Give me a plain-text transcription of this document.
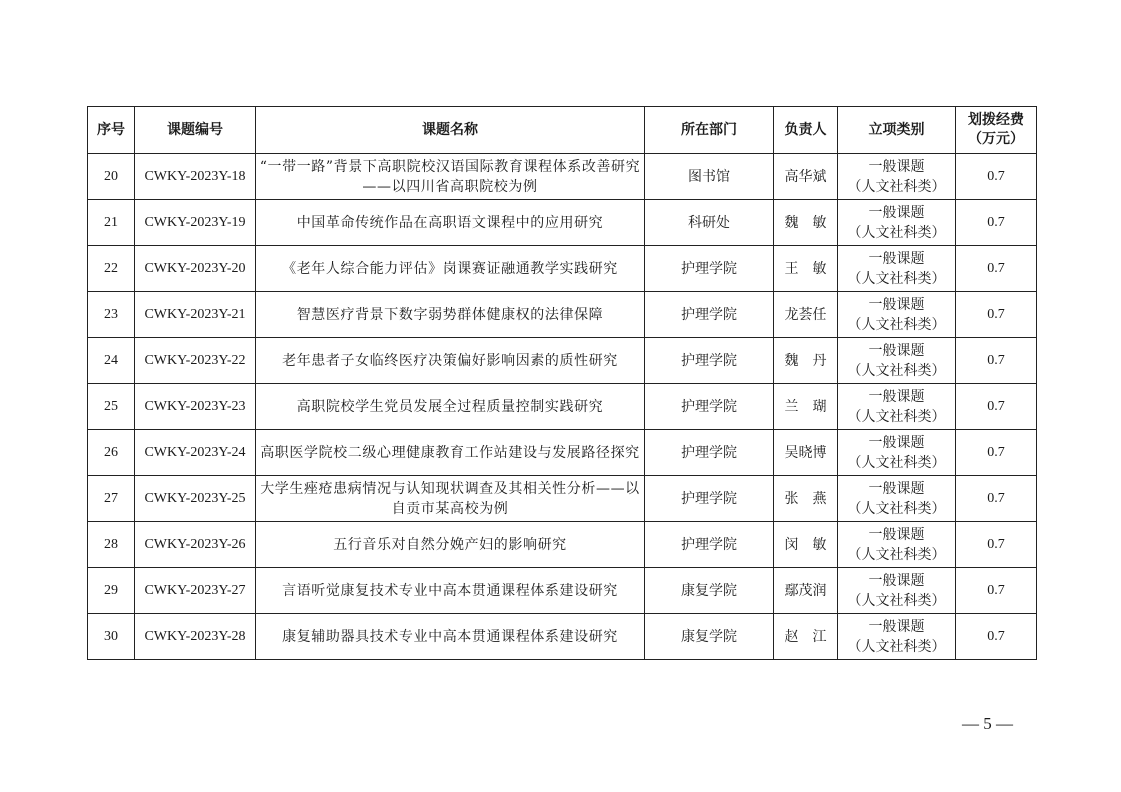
序号	课题编号	课题名称	所在部门	负责人	立项类别	划拨经费
（万元）

20	CWKY-2023Y-18	“一带一路”背景下高职院校汉语国际教育课程体系改善研究——以四川省高职院校为例	图书馆	高华斌	一般课题
（人文社科类）	0.7
21	CWKY-2023Y-19	中国革命传统作品在高职语文课程中的应用研究	科研处	魏　敏	一般课题
（人文社科类）	0.7
22	CWKY-2023Y-20	《老年人综合能力评估》岗课赛证融通教学实践研究	护理学院	王　敏	一般课题
（人文社科类）	0.7
23	CWKY-2023Y-21	智慧医疗背景下数字弱势群体健康权的法律保障	护理学院	龙荟任	一般课题
（人文社科类）	0.7
24	CWKY-2023Y-22	老年患者子女临终医疗决策偏好影响因素的质性研究	护理学院	魏　丹	一般课题
（人文社科类）	0.7
25	CWKY-2023Y-23	高职院校学生党员发展全过程质量控制实践研究	护理学院	兰　瑚	一般课题
（人文社科类）	0.7
26	CWKY-2023Y-24	高职医学院校二级心理健康教育工作站建设与发展路径探究	护理学院	吴晓博	一般课题
（人文社科类）	0.7
27	CWKY-2023Y-25	大学生痤疮患病情况与认知现状调查及其相关性分析——以自贡市某高校为例	护理学院	张　燕	一般课题
（人文社科类）	0.7
28	CWKY-2023Y-26	五行音乐对自然分娩产妇的影响研究	护理学院	闵　敏	一般课题
（人文社科类）	0.7
29	CWKY-2023Y-27	言语听觉康复技术专业中高本贯通课程体系建设研究	康复学院	鄢茂润	一般课题
（人文社科类）	0.7
30	CWKY-2023Y-28	康复辅助器具技术专业中高本贯通课程体系建设研究	康复学院	赵　江	一般课题
（人文社科类）	0.7
— 5 —
